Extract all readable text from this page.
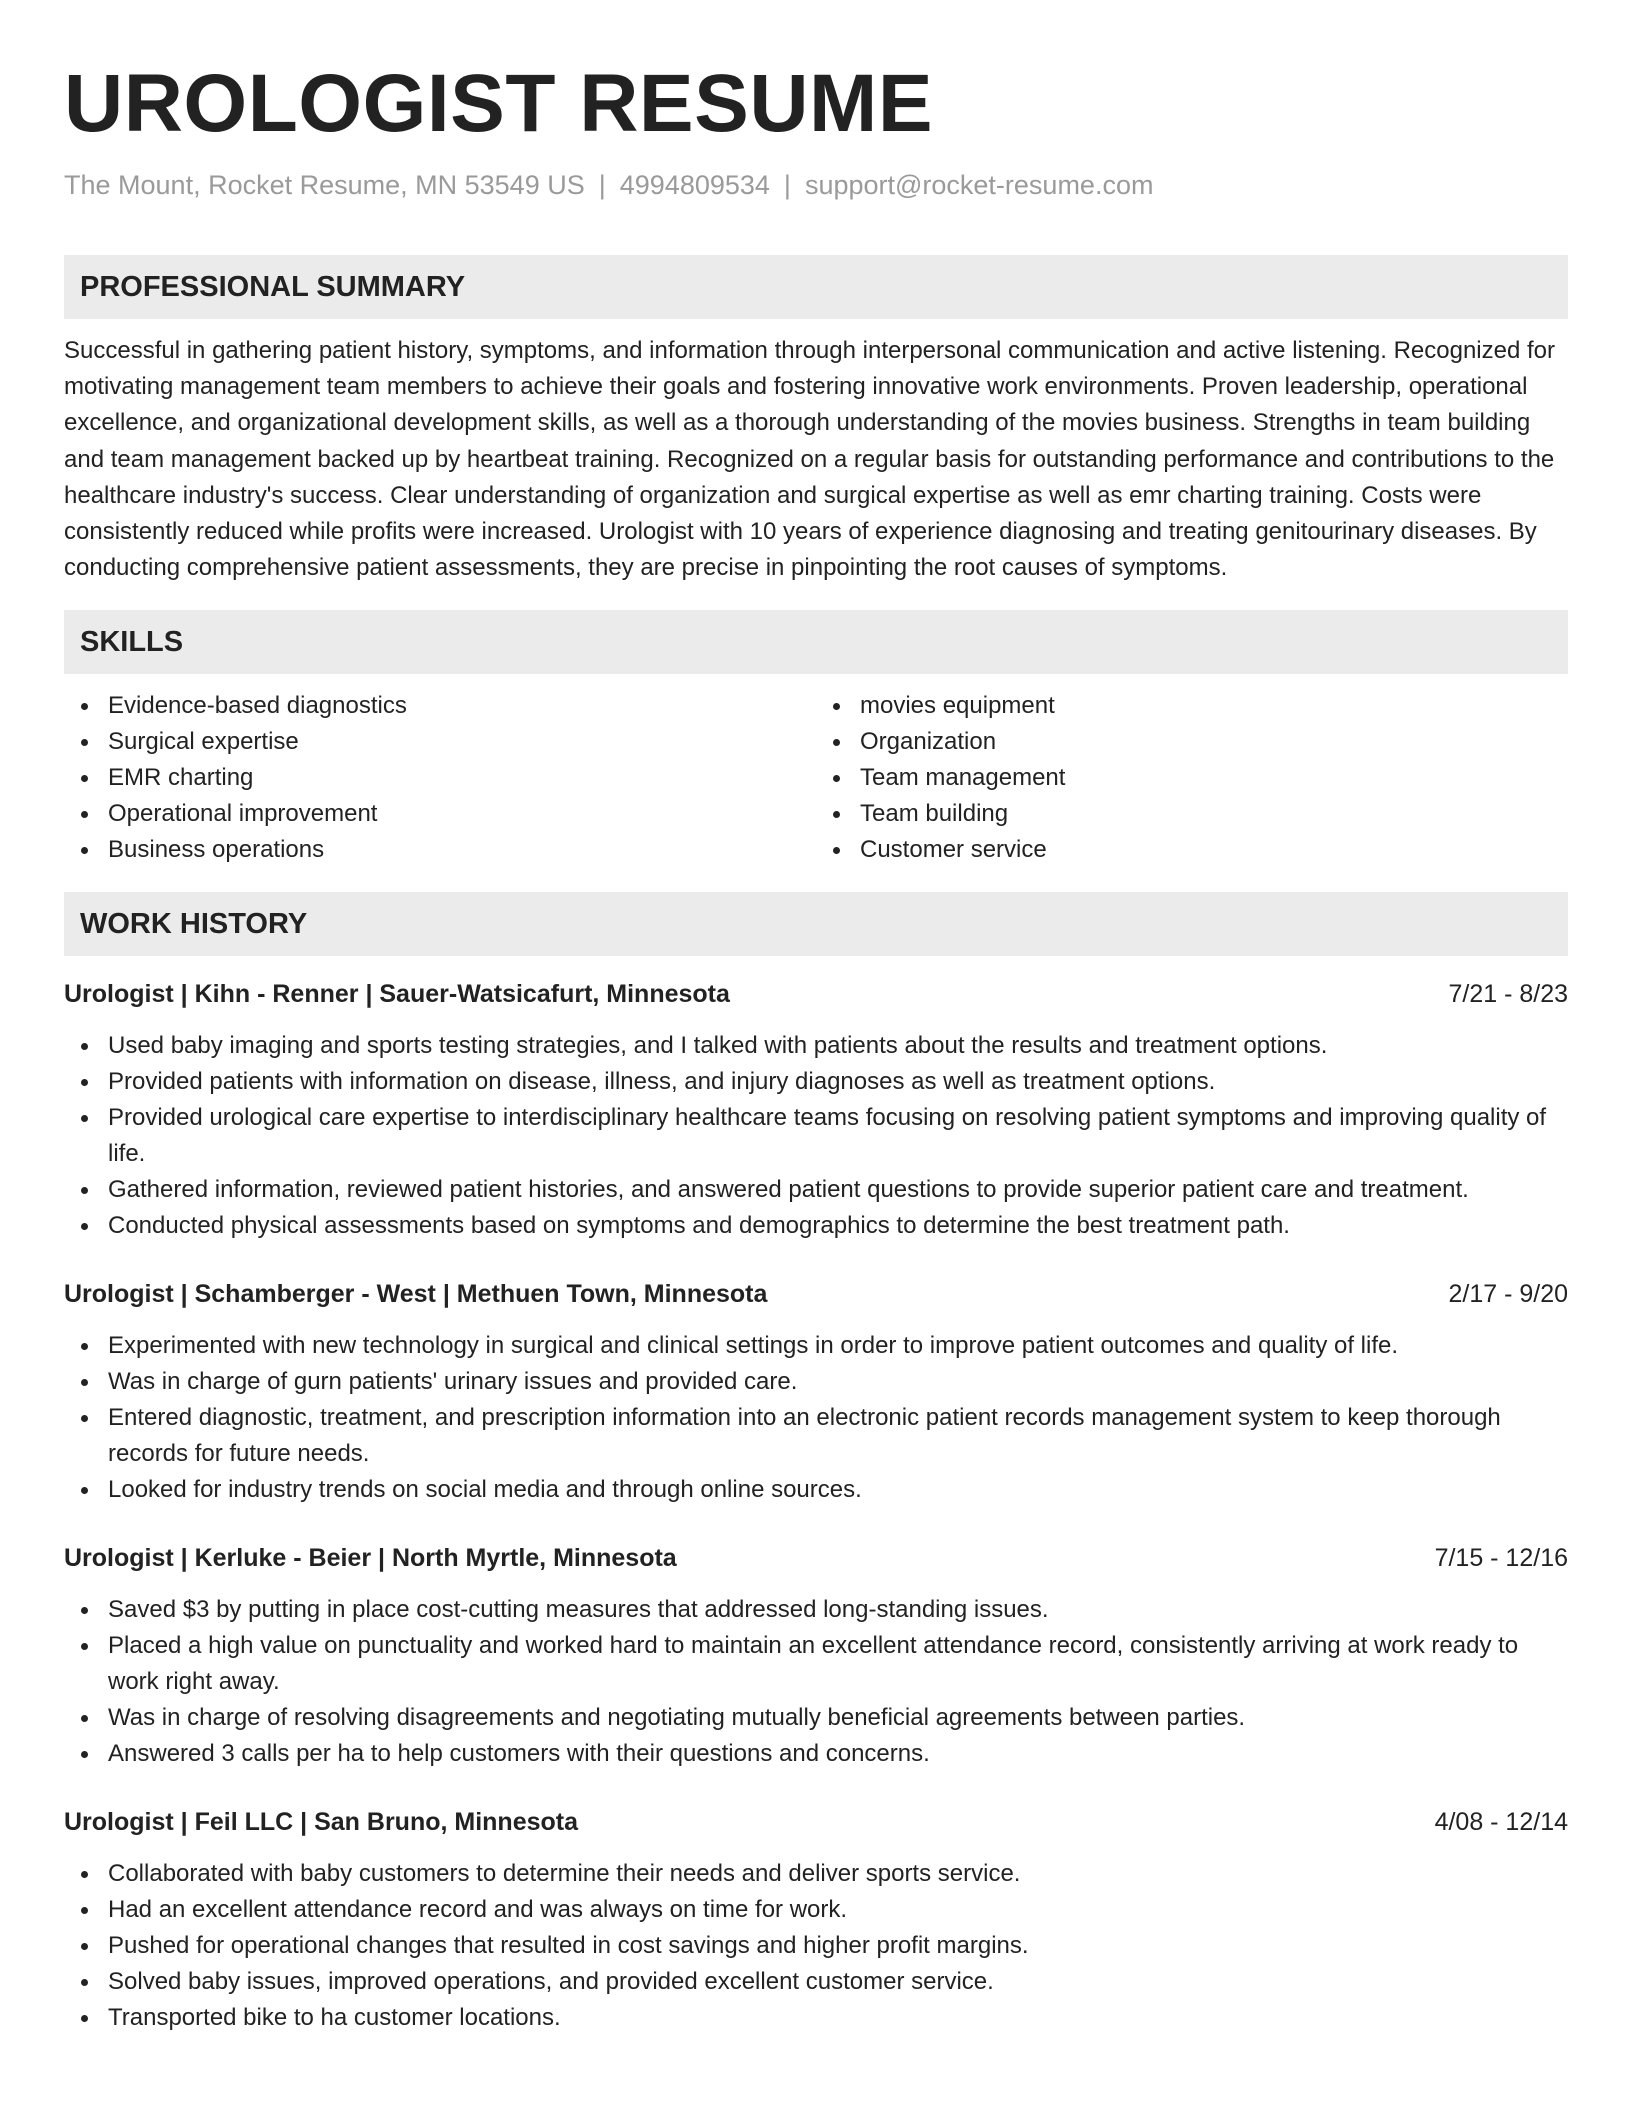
UROLOGIST RESUME
The Mount, Rocket Resume, MN 53549 US | 4994809534 | support@rocket-resume.com
PROFESSIONAL SUMMARY

Successful in gathering patient history, symptoms, and information through interpersonal communication and active listening. Recognized for motivating management team members to achieve their goals and fostering innovative work environments. Proven leadership, operational excellence, and organizational development skills, as well as a thorough understanding of the movies business. Strengths in team building and team management backed up by heartbeat training. Recognized on a regular basis for outstanding performance and contributions to the healthcare industry's success. Clear understanding of organization and surgical expertise as well as emr charting training. Costs were consistently reduced while profits were increased. Urologist with 10 years of experience diagnosing and treating genitourinary diseases. By conducting comprehensive patient assessments, they are precise in pinpointing the root causes of symptoms.

SKILLS
Evidence-based diagnostics
Surgical expertise
EMR charting
Operational improvement
Business operations
movies equipment
Organization
Team management
Team building
Customer service
WORK HISTORY
Urologist | Kihn - Renner | Sauer-Watsicafurt, Minnesota	7/21 - 8/23
Used baby imaging and sports testing strategies, and I talked with patients about the results and treatment options.
Provided patients with information on disease, illness, and injury diagnoses as well as treatment options.
Provided urological care expertise to interdisciplinary healthcare teams focusing on resolving patient symptoms and improving quality of life.
Gathered information, reviewed patient histories, and answered patient questions to provide superior patient care and treatment.
Conducted physical assessments based on symptoms and demographics to determine the best treatment path.
Urologist | Schamberger - West | Methuen Town, Minnesota	2/17 - 9/20
Experimented with new technology in surgical and clinical settings in order to improve patient outcomes and quality of life.
Was in charge of gurn patients' urinary issues and provided care.
Entered diagnostic, treatment, and prescription information into an electronic patient records management system to keep thorough records for future needs.
Looked for industry trends on social media and through online sources.
Urologist | Kerluke - Beier | North Myrtle, Minnesota	7/15 - 12/16
Saved $3 by putting in place cost-cutting measures that addressed long-standing issues.
Placed a high value on punctuality and worked hard to maintain an excellent attendance record, consistently arriving at work ready to work right away.
Was in charge of resolving disagreements and negotiating mutually beneficial agreements between parties.
Answered 3 calls per ha to help customers with their questions and concerns.
Urologist | Feil LLC | San Bruno, Minnesota	4/08 - 12/14
Collaborated with baby customers to determine their needs and deliver sports service.
Had an excellent attendance record and was always on time for work.
Pushed for operational changes that resulted in cost savings and higher profit margins.
Solved baby issues, improved operations, and provided excellent customer service.
Transported bike to ha customer locations.
